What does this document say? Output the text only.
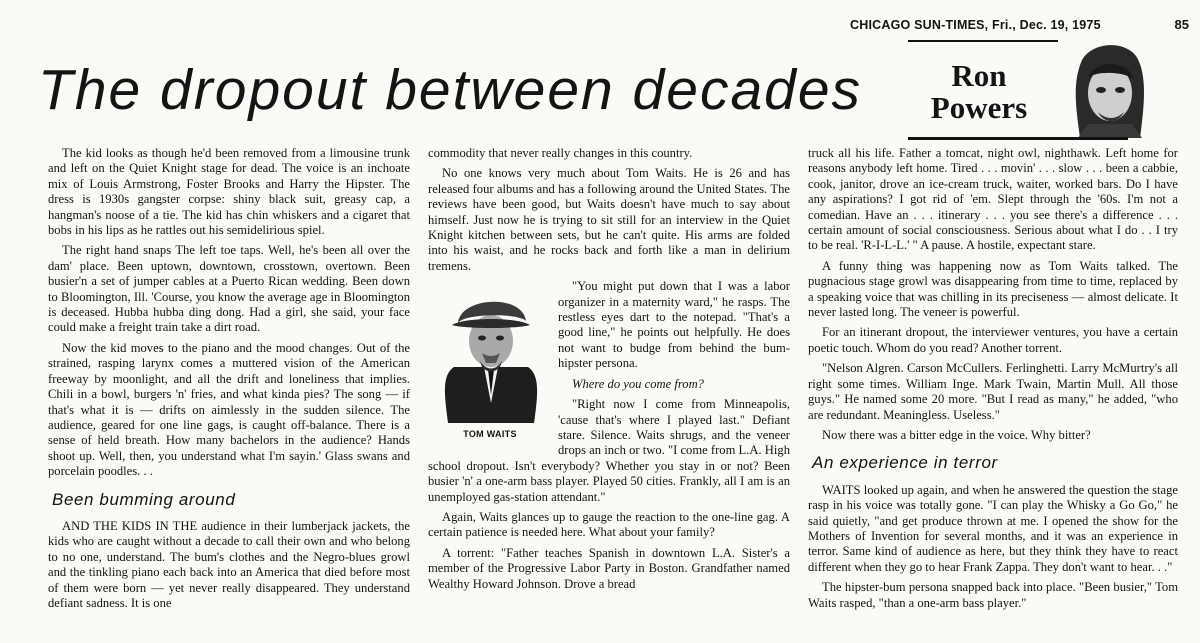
CHICAGO SUN-TIMES, Fri., Dec. 19, 1975	85
The dropout between decades	Ron
Powers

The kid looks as though he'd been removed from a limousine trunk and left on the Quiet Knight stage for dead. The voice is an inchoate mix of Louis Armstrong, Foster Brooks and Harry the Hipster. The dress is 1930s gangster corpse: shiny black suit, greasy cap, a hangman's noose of a tie. The kid has chin whiskers and a cigaret that bobs in his lips as he rattles out his semidelirious spiel.

The right hand snaps The left toe taps. Well, he's been all over the dam' place. Been uptown, downtown, crosstown, overtown. Been busier'n a set of jumper cables at a Puerto Rican wedding. Been down to Bloomington, Ill. 'Course, you know the average age in Bloomington is deceased. Hubba hubba ding dong. Had a girl, she said, your face could make a freight train take a dirt road.

Now the kid moves to the piano and the mood changes. Out of the strained, rasping larynx comes a muttered vision of the American freeway by moonlight, and all the drift and loneliness that implies. Chili in a bowl, burgers 'n' fries, and what kinda pies? The song — if that's what it is — drifts on aimlessly in the sudden silence. The audience, geared for one line gags, is caught off-balance. There is a sense of held breath. How many bachelors in the audience? Hands shoot up. Well, then, you understand what I'm sayin.' Glass swans and porcelain poodles. . .

Been bumming around

AND THE KIDS IN THE audience in their lumberjack jackets, the kids who are caught without a decade to call their own and who belong to no one, understand. The bum's clothes and the Negro-blues growl and the tinkling piano each back into an America that died before most of them were born — yet never really disappeared. They understand defiant sadness. It is one

commodity that never really changes in this country.

No one knows very much about Tom Waits. He is 26 and has released four albums and has a following around the United States. The reviews have been good, but Waits doesn't have much to say about himself. Just now he is trying to sit still for an interview in the Quiet Knight kitchen between sets, but he can't quite. His arms are folded into his waist, and he rocks back and forth like a man in delirium tremens.

TOM WAITS

"You might put down that I was a labor organizer in a maternity ward," he rasps. The restless eyes dart to the notepad. "That's a good line," he points out helpfully. He does not want to budge from behind the bum-hipster persona.

Where do you come from?

"Right now I come from Minneapolis, 'cause that's where I played last." Defiant stare. Silence. Waits shrugs, and the veneer drops an inch or two. "I come from L.A. High school dropout. Isn't everybody? Whether you stay in or not? Been busier 'n' a one-arm bass player. Played 50 cities. Frankly, all I am is an unemployed gas-station attendant."

Again, Waits glances up to gauge the reaction to the one-line gag. A certain patience is needed here. What about your family?

A torrent: "Father teaches Spanish in downtown L.A. Sister's a member of the Progressive Labor Party in Boston. Grandfather named Wealthy Howard Johnson. Drove a bread

truck all his life. Father a tomcat, night owl, nighthawk. Left home for reasons anybody left home. Tired . . . movin' . . . slow . . . been a cabbie, cook, janitor, drove an ice-cream truck, waiter, worked bars. Do I have any aspirations? I got rid of 'em. Slept through the '60s. I'm not a comedian. Have an . . . itinerary . . . you see there's a difference . . . certain amount of social consciousness. Serious about what I do . . I try to be real. 'R-I-L-L.' " A pause. A hostile, expectant stare.

A funny thing was happening now as Tom Waits talked. The pugnacious stage growl was disappearing from time to time, replaced by a speaking voice that was chilling in its preciseness — almost delicate. It never lasted long. The veneer is powerful.

For an itinerant dropout, the interviewer ventures, you have a certain poetic touch. Whom do you read? Another torrent.

"Nelson Algren. Carson McCullers. Ferlinghetti. Larry McMurtry's all right some times. William Inge. Mark Twain, Martin Mull. All those guys." He named some 20 more. "But I read as many," he added, "who are redundant. Meaningless. Useless."

Now there was a bitter edge in the voice. Why bitter?

An experience in terror

WAITS looked up again, and when he answered the question the stage rasp in his voice was totally gone. "I can play the Whisky a Go Go," he said quietly, "and get produce thrown at me. I opened the show for the Mothers of Invention for several months, and it was an experience in terror. Same kind of audience as here, but they think they have to react different when they go to hear Frank Zappa. They don't want to hear. . ."

The hipster-bum persona snapped back into place. "Been busier," Tom Waits rasped, "than a one-arm bass player."
